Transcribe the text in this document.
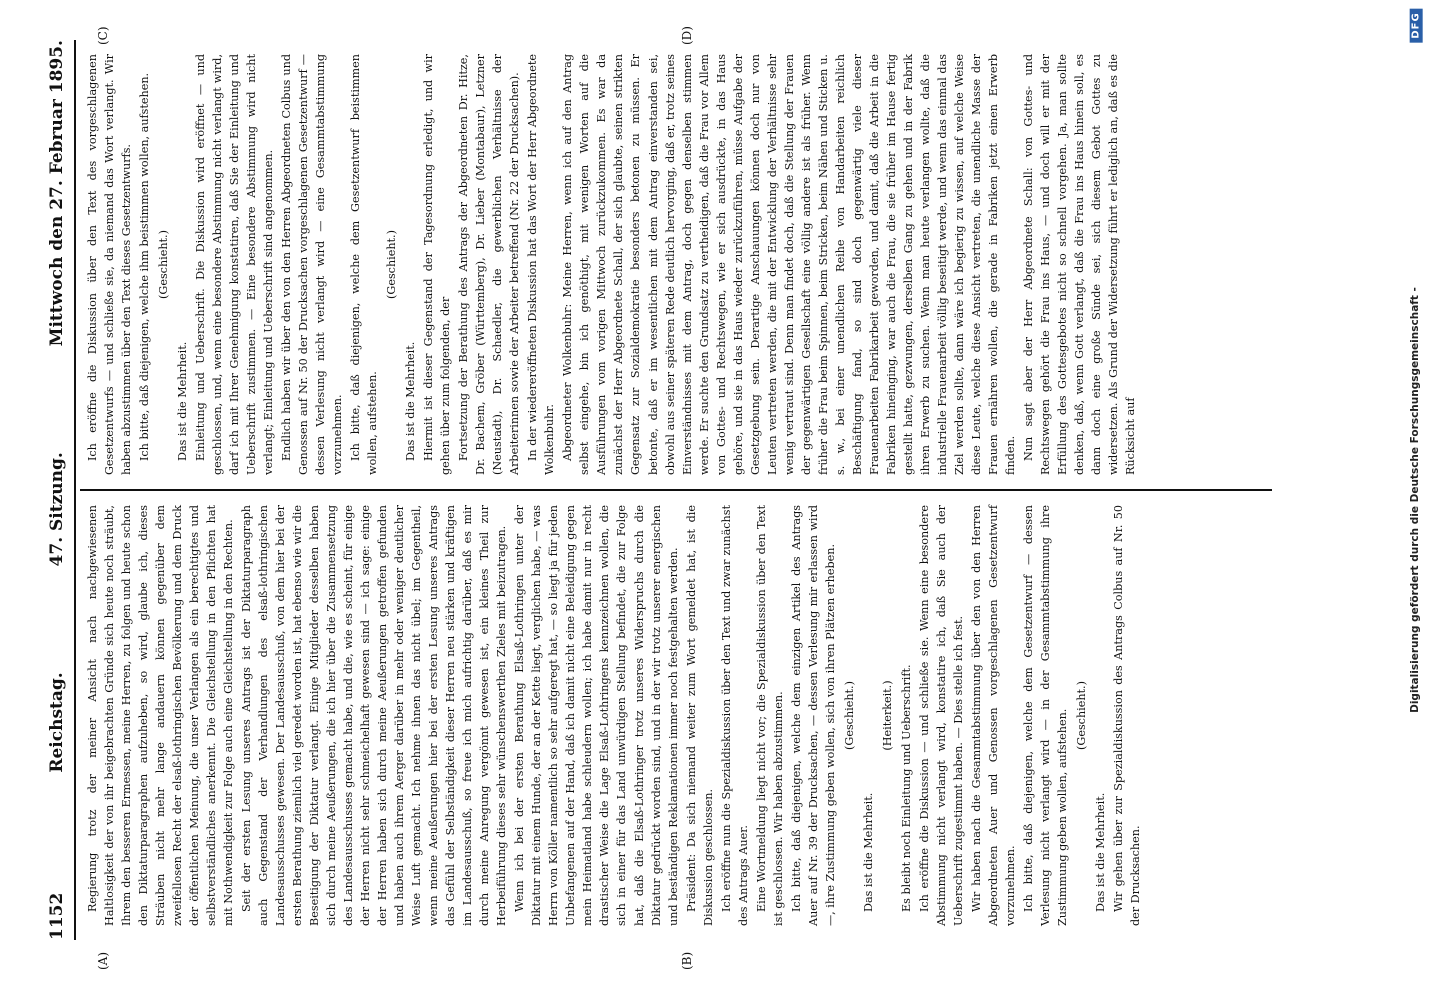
1152
Reichstag.
47. Sitzung.
Mittwoch den 27. Februar 1895.

Regierung trotz der meiner Ansicht nach nachgewiesenen Haltlosigkeit der von ihr beigebrachten Gründe sich heute noch sträubt, Ihrem den besseren Ermessen, meine Herren, zu folgen und heute schon den Diktaturparagraphen aufzuheben, so wird, glaube ich, dieses Sträuben nicht mehr lange andauern können gegenüber dem zweifellosen Recht der elsaß-lothringischen Bevölkerung und dem Druck der öffentlichen Meinung, die unser Verlangen als ein berechtigtes und selbstverständliches anerkennt. Die Gleichstellung in den Pflichten hat mit Nothwendigkeit zur Folge auch eine Gleichstellung in den Rechten. Seit der ersten Lesung unseres Antrags ist der Diktaturparagraph auch Gegenstand der Verhandlungen des elsaß-lothringischen Landesausschusses gewesen. Der Landesausschuß, von dem hier bei der ersten Berathung ziemlich viel geredet worden ist, hat ebenso wie wir die Beseitigung der Diktatur verlangt. Einige Mitglieder desselben haben sich durch meine Aeußerungen, die ich hier über die Zusammensetzung des Landesausschusses gemacht habe, und die, wie es scheint, für einige der Herren nicht sehr schmeichelhaft gewesen sind — ich sage: einige der Herren haben sich durch meine Aeußerungen getroffen gefunden und haben auch ihrem Aerger darüber in mehr oder weniger deutlicher Weise Luft gemacht. Ich nehme ihnen das nicht übel; im Gegentheil, wenn meine Aeußerungen hier bei der ersten Lesung unseres Antrags das Gefühl der Selbständigkeit dieser Herren neu stärken und kräftigen im Landesausschuß, so freue ich mich aufrichtig darüber, daß es mir durch meine Anregung vergönnt gewesen ist, ein kleines Theil zur Herbeiführung dieses sehr wünschenswerthen Zieles mit beizutragen. Wenn ich bei der ersten Berathung Elsaß-Lothringen unter der Diktatur mit einem Hunde, der an der Kette liegt, verglichen habe, — was Herrn von Köller namentlich so sehr aufgeregt hat, — so liegt ja für jeden Unbefangenen auf der Hand, daß ich damit nicht eine Beleidigung gegen mein Heimatland habe schleudern wollen; ich habe damit nur in recht drastischer Weise die Lage Elsaß-Lothringens kennzeichnen wollen, die sich in einer für das Land unwürdigen Stellung befindet, die zur Folge hat, daß die Elsaß-Lothringer trotz unseres Widerspruchs durch die Diktatur gedrückt worden sind, und in der wir trotz unserer energischen und beständigen Reklamationen immer noch festgehalten werden. Präsident: Da sich niemand weiter zum Wort gemeldet hat, ist die Diskussion geschlossen. Ich eröffne nun die Spezialdiskussion über den Text und zwar zunächst des Antrags Auer. Eine Wortmeldung liegt nicht vor; die Spezialdiskussion über den Text ist geschlossen. Wir haben abzustimmen. Ich bitte, daß diejenigen, welche dem einzigen Artikel des Antrags Auer auf Nr. 39 der Drucksachen, — dessen Verlesung mir erlassen wird —, ihre Zustimmung geben wollen, sich von ihren Plätzen erheben. (Geschieht.)

Das ist die Mehrheit.

(Heiterkeit.) Es bleibt noch Einleitung und Ueberschrift. Ich eröffne die Diskussion — und schließe sie. Wenn eine besondere Abstimmung nicht verlangt wird, konstatire ich, daß Sie auch der Ueberschrift zugestimmt haben. — Dies stelle ich fest. Wir haben nach die Gesammtabstimmung über den von den Herren Abgeordneten Auer und Genossen vorgeschlagenen Gesetzentwurf vorzunehmen. Ich bitte, daß diejenigen, welche dem Gesetzentwurf — dessen Verlesung nicht verlangt wird — in der Gesammtabstimmung ihre Zustimmung geben wollen, aufstehen. (Geschieht.)

Das ist die Mehrheit. Wir gehen über zur Spezialdiskussion des Antrags Colbus auf Nr. 50 der Drucksachen.

Ich eröffne die Diskussion über den Text des vorgeschlagenen Gesetzentwurfs — und schließe sie, da niemand das Wort verlangt. Wir haben abzustimmen über den Text dieses Gesetzentwurfs. Ich bitte, daß diejenigen, welche ihm beistimmen wollen, aufstehen. (Geschieht.)

Das ist die Mehrheit. Einleitung und Ueberschrift. Die Diskussion wird eröffnet — und geschlossen, und, wenn eine besondere Abstimmung nicht verlangt wird, darf ich mit Ihrer Genehmigung konstatiren, daß Sie der Einleitung und Ueberschrift zustimmen. — Eine besondere Abstimmung wird nicht verlangt; Einleitung und Ueberschrift sind angenommen. Endlich haben wir über den von den Herren Abgeordneten Colbus und Genossen auf Nr. 50 der Drucksachen vorgeschlagenen Gesetzentwurf — dessen Verlesung nicht verlangt wird — eine Gesammtabstimmung vorzunehmen. Ich bitte, daß diejenigen, welche dem Gesetzentwurf beistimmen wollen, aufstehen.

(Geschieht.)

Das ist die Mehrheit. Hiermit ist dieser Gegenstand der Tagesordnung erledigt, und wir gehen über zum folgenden, der Fortsetzung der Berathung des Antrags der Abgeordneten Dr. Hitze, Dr. Bachem, Gröber (Württemberg), Dr. Lieber (Montabaur), Letzner (Neustadt), Dr. Schaedler, die gewerblichen Verhältnisse der Arbeiterinnen sowie der Arbeiter betreffend (Nr. 22 der Drucksachen). In der wiedereröffneten Diskussion hat das Wort der Herr Abgeordnete Wolkenbuhr. Abgeordneter Wolkenbuhr: Meine Herren, wenn ich auf den Antrag selbst eingehe, bin ich genöthigt, mit wenigen Worten auf die Ausführungen vom vorigen Mittwoch zurückzukommen. Es war da zunächst der Herr Abgeordnete Schall, der sich glaubte, seinen strikten Gegensatz zur Sozialdemokratie besonders betonen zu müssen. Er betonte, daß er im wesentlichen mit dem Antrag einverstanden sei, obwohl aus seiner späteren Rede deutlich hervorging, daß er, trotz seines Einverständnisses mit dem Antrag, doch gegen denselben stimmen werde. Er suchte den Grundsatz zu vertheidigen, daß die Frau vor Allem von Gottes- und Rechtswegen, wie er sich ausdrückte, in das Haus gehöre, und sie in das Haus wieder zurückzuführen, müsse Aufgabe der Gesetzgebung sein. Derartige Anschauungen können doch nur von Leuten vertreten werden, die mit der Entwicklung der Verhältnisse sehr wenig vertraut sind. Denn man findet doch, daß die Stellung der Frauen der gegenwärtigen Gesellschaft eine völlig andere ist als früher. Wenn früher die Frau beim Spinnen, beim Stricken, beim Nähen und Sticken u. s. w., bei einer unendlichen Reihe von Handarbeiten reichlich Beschäftigung fand, so sind doch gegenwärtig viele dieser Frauenarbeiten Fabrikarbeit geworden, und damit, daß die Arbeit in die Fabriken hineinging, war auch die Frau, die sie früher im Hause fertig gestellt hatte, gezwungen, derselben Gang zu gehen und in der Fabrik ihren Erwerb zu suchen. Wenn man heute verlangen wollte, daß die industrielle Frauenarbeit völlig beseitigt werde, und wenn das einmal das Ziel werden sollte, dann wäre ich begierig zu wissen, auf welche Weise diese Leute, welche diese Ansicht vertreten, die unendliche Masse der Frauen ernähren wollen, die gerade in Fabriken jetzt einen Erwerb finden. Nun sagt aber der Herr Abgeordnete Schall: von Gottes- und Rechtswegen gehört die Frau ins Haus, — und doch will er mit der Erfüllung des Gottesgebotes nicht so schnell vorgehen. Ja, man sollte denken, daß, wenn Gott verlangt, daß die Frau ins Haus hinein soll, es dann doch eine große Sünde sei, sich diesem Gebot Gottes zu widersetzen. Als Grund der Widersetzung führt er lediglich an, daß es die Rücksicht auf

(A)	(B)
(C)	(D)
Digitalisierung gefördert durch die Deutsche Forschungsgemeinschaft -
DFG
